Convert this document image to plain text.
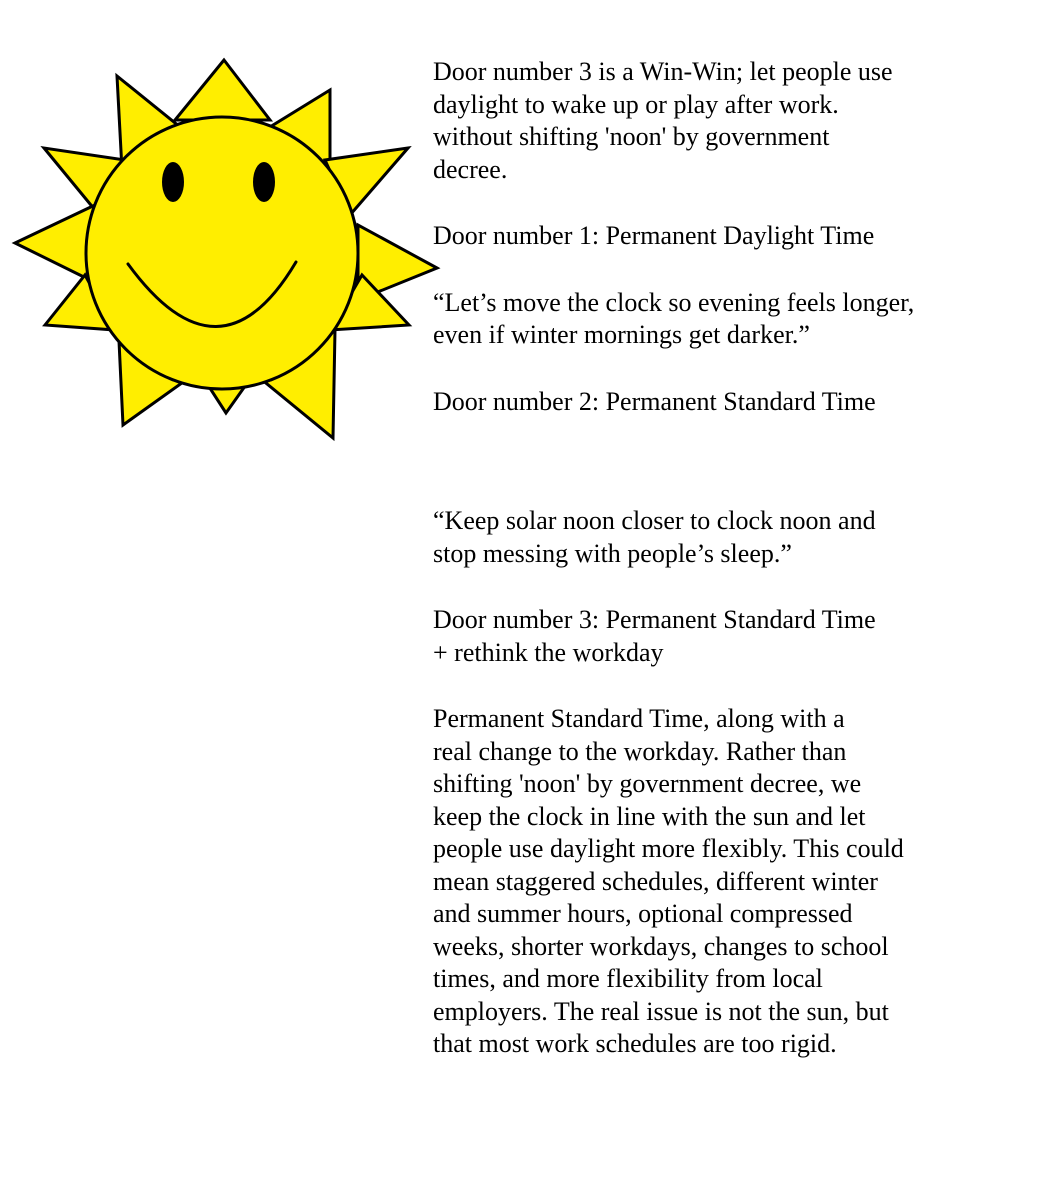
Door number 3 is a Win-Win; let people use
daylight to wake up or play after work.
without shifting 'noon' by government
decree.

Door number 1: Permanent Daylight Time

“Let’s move the clock so evening feels longer,
even if winter mornings get darker.”

Door number 2: Permanent Standard Time

“Keep solar noon closer to clock noon and
stop messing with people’s sleep.”

Door number 3: Permanent Standard Time
+ rethink the workday

Permanent Standard Time, along with a
real change to the workday. Rather than
shifting 'noon' by government decree, we
keep the clock in line with the sun and let
people use daylight more flexibly. This could
mean staggered schedules, different winter
and summer hours, optional compressed
weeks, shorter workdays, changes to school
times, and more flexibility from local
employers. The real issue is not the sun, but
that most work schedules are too rigid.
